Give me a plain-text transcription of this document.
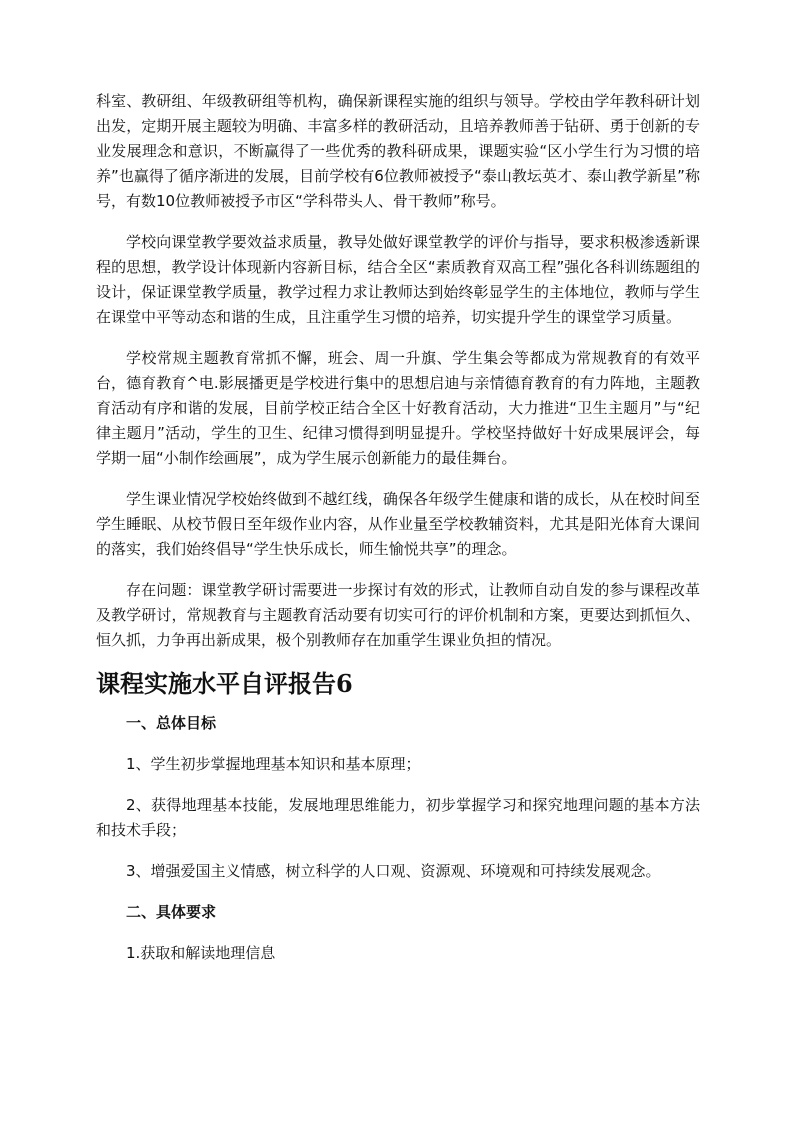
科室、教研组、年级教研组等机构，确保新课程实施的组织与领导。学校由学年教科研计划出发，定期开展主题较为明确、丰富多样的教研活动，且培养教师善于钻研、勇于创新的专业发展理念和意识，不断赢得了一些优秀的教科研成果，课题实验“区小学生行为习惯的培养”也赢得了循序渐进的发展，目前学校有6位教师被授予“泰山教坛英才、泰山教学新星”称号，有数10位教师被授予市区“学科带头人、骨干教师”称号。

学校向课堂教学要效益求质量，教导处做好课堂教学的评价与指导，要求积极渗透新课程的思想，教学设计体现新内容新目标，结合全区“素质教育双高工程”强化各科训练题组的设计，保证课堂教学质量，教学过程力求让教师达到始终彰显学生的主体地位，教师与学生在课堂中平等动态和谐的生成，且注重学生习惯的培养，切实提升学生的课堂学习质量。

学校常规主题教育常抓不懈，班会、周一升旗、学生集会等都成为常规教育的有效平台，德育教育^电.影展播更是学校进行集中的思想启迪与亲情德育教育的有力阵地，主题教育活动有序和谐的发展，目前学校正结合全区十好教育活动，大力推进“卫生主题月”与“纪律主题月”活动，学生的卫生、纪律习惯得到明显提升。学校坚持做好十好成果展评会，每学期一届“小制作绘画展”，成为学生展示创新能力的最佳舞台。

学生课业情况学校始终做到不越红线，确保各年级学生健康和谐的成长，从在校时间至学生睡眠、从校节假日至年级作业内容，从作业量至学校教辅资料，尤其是阳光体育大课间的落实，我们始终倡导“学生快乐成长，师生愉悦共享”的理念。

存在问题：课堂教学研讨需要进一步探讨有效的形式，让教师自动自发的参与课程改革及教学研讨，常规教育与主题教育活动要有切实可行的评价机制和方案，更要达到抓恒久、恒久抓，力争再出新成果，极个别教师存在加重学生课业负担的情况。

课程实施水平自评报告6

一、总体目标

1、学生初步掌握地理基本知识和基本原理；

2、获得地理基本技能，发展地理思维能力，初步掌握学习和探究地理问题的基本方法和技术手段；

3、增强爱国主义情感，树立科学的人口观、资源观、环境观和可持续发展观念。

二、具体要求

1.获取和解读地理信息
